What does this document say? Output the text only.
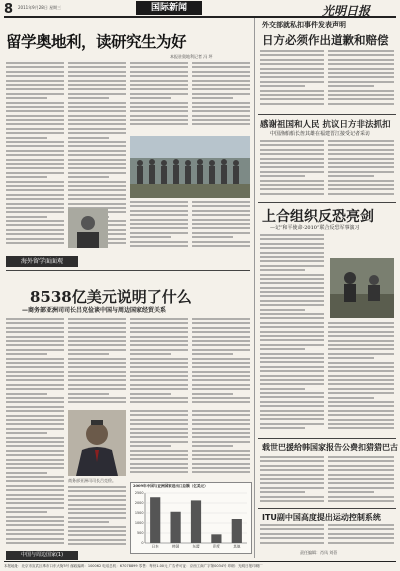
8 2011年9月28日 星期三	国际新闻	光明日报
留学奥地利，读研究生为好
本报驻奥地利记者 冯 坪
海外留学面面观
外交部就私扣事件发表声明
日方必须作出道歉和赔偿
感谢祖国和人民 抗议日方非法抓扣
中国渔船船长詹其雄在福建晋江接受记者采访
上合组织反恐亮剑
—记“和平使命-2010”联合反恐军事演习
载世巴援给韩国家报告公费扣猎猎巴古
ITU副中国高度提出运动控制系统
责任编辑：肖凤 刘蓓
8538亿美元说明了什么
—商务部亚洲司司长吕克俭谈中国与周边国家经贸关系
商务部亚洲司司长吕克俭。
2009年中国与亚洲国家进出口总额（亿美元）
0
500
1000
1500
2000
2500
日本	韩国	东盟	印度	其他
中国与周边国家(1)
本报地址：北京市宣武区珠市口东大街5号 邮政编码：100062 电话总机：67078899 零售：每份1.00元 广告许可证：京西工商广字第0034号 印刷：光明日报印刷厂
